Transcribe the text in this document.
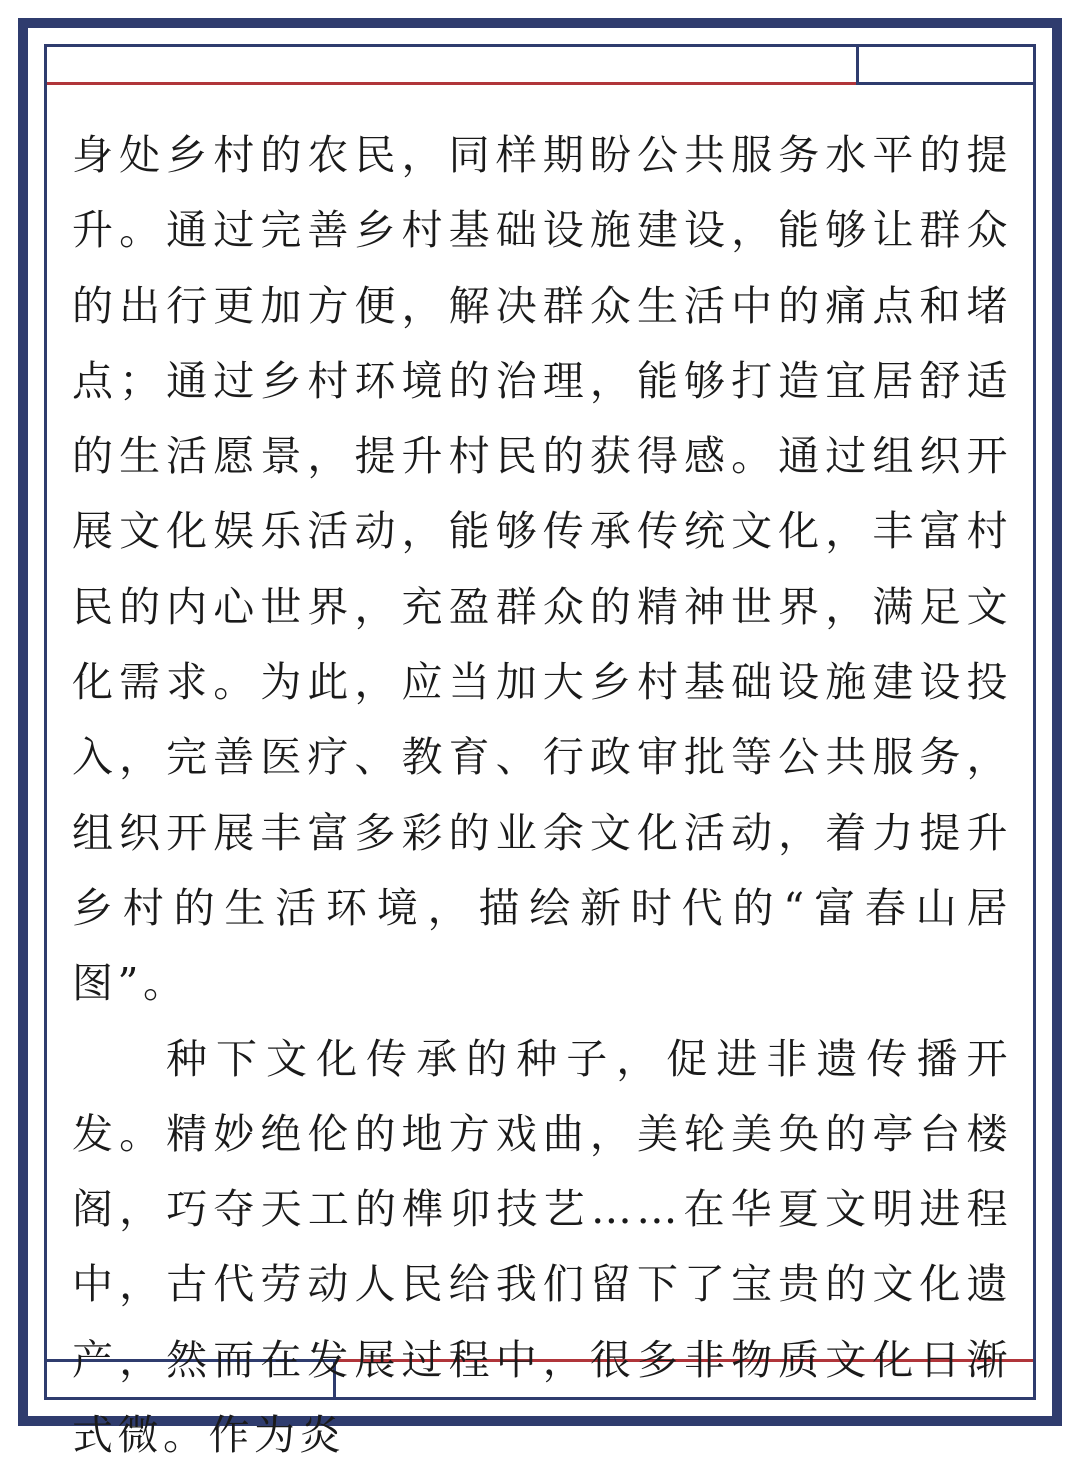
身处乡村的农民，同样期盼公共服务水平的提升。通过完善乡村基础设施建设，能够让群众的出行更加方便，解决群众生活中的痛点和堵点；通过乡村环境的治理，能够打造宜居舒适的生活愿景，提升村民的获得感。通过组织开展文化娱乐活动，能够传承传统文化，丰富村民的内心世界，充盈群众的精神世界，满足文化需求。为此，应当加大乡村基础设施建设投入，完善医疗、教育、行政审批等公共服务，组织开展丰富多彩的业余文化活动，着力提升乡村的生活环境，描绘新时代的“富春山居图”。

种下文化传承的种子，促进非遗传播开发。精妙绝伦的地方戏曲，美轮美奂的亭台楼阁，巧夺天工的榫卯技艺……在华夏文明进程中，古代劳动人民给我们留下了宝贵的文化遗产，然而在发展过程中，很多非物质文化日渐式微。作为炎
